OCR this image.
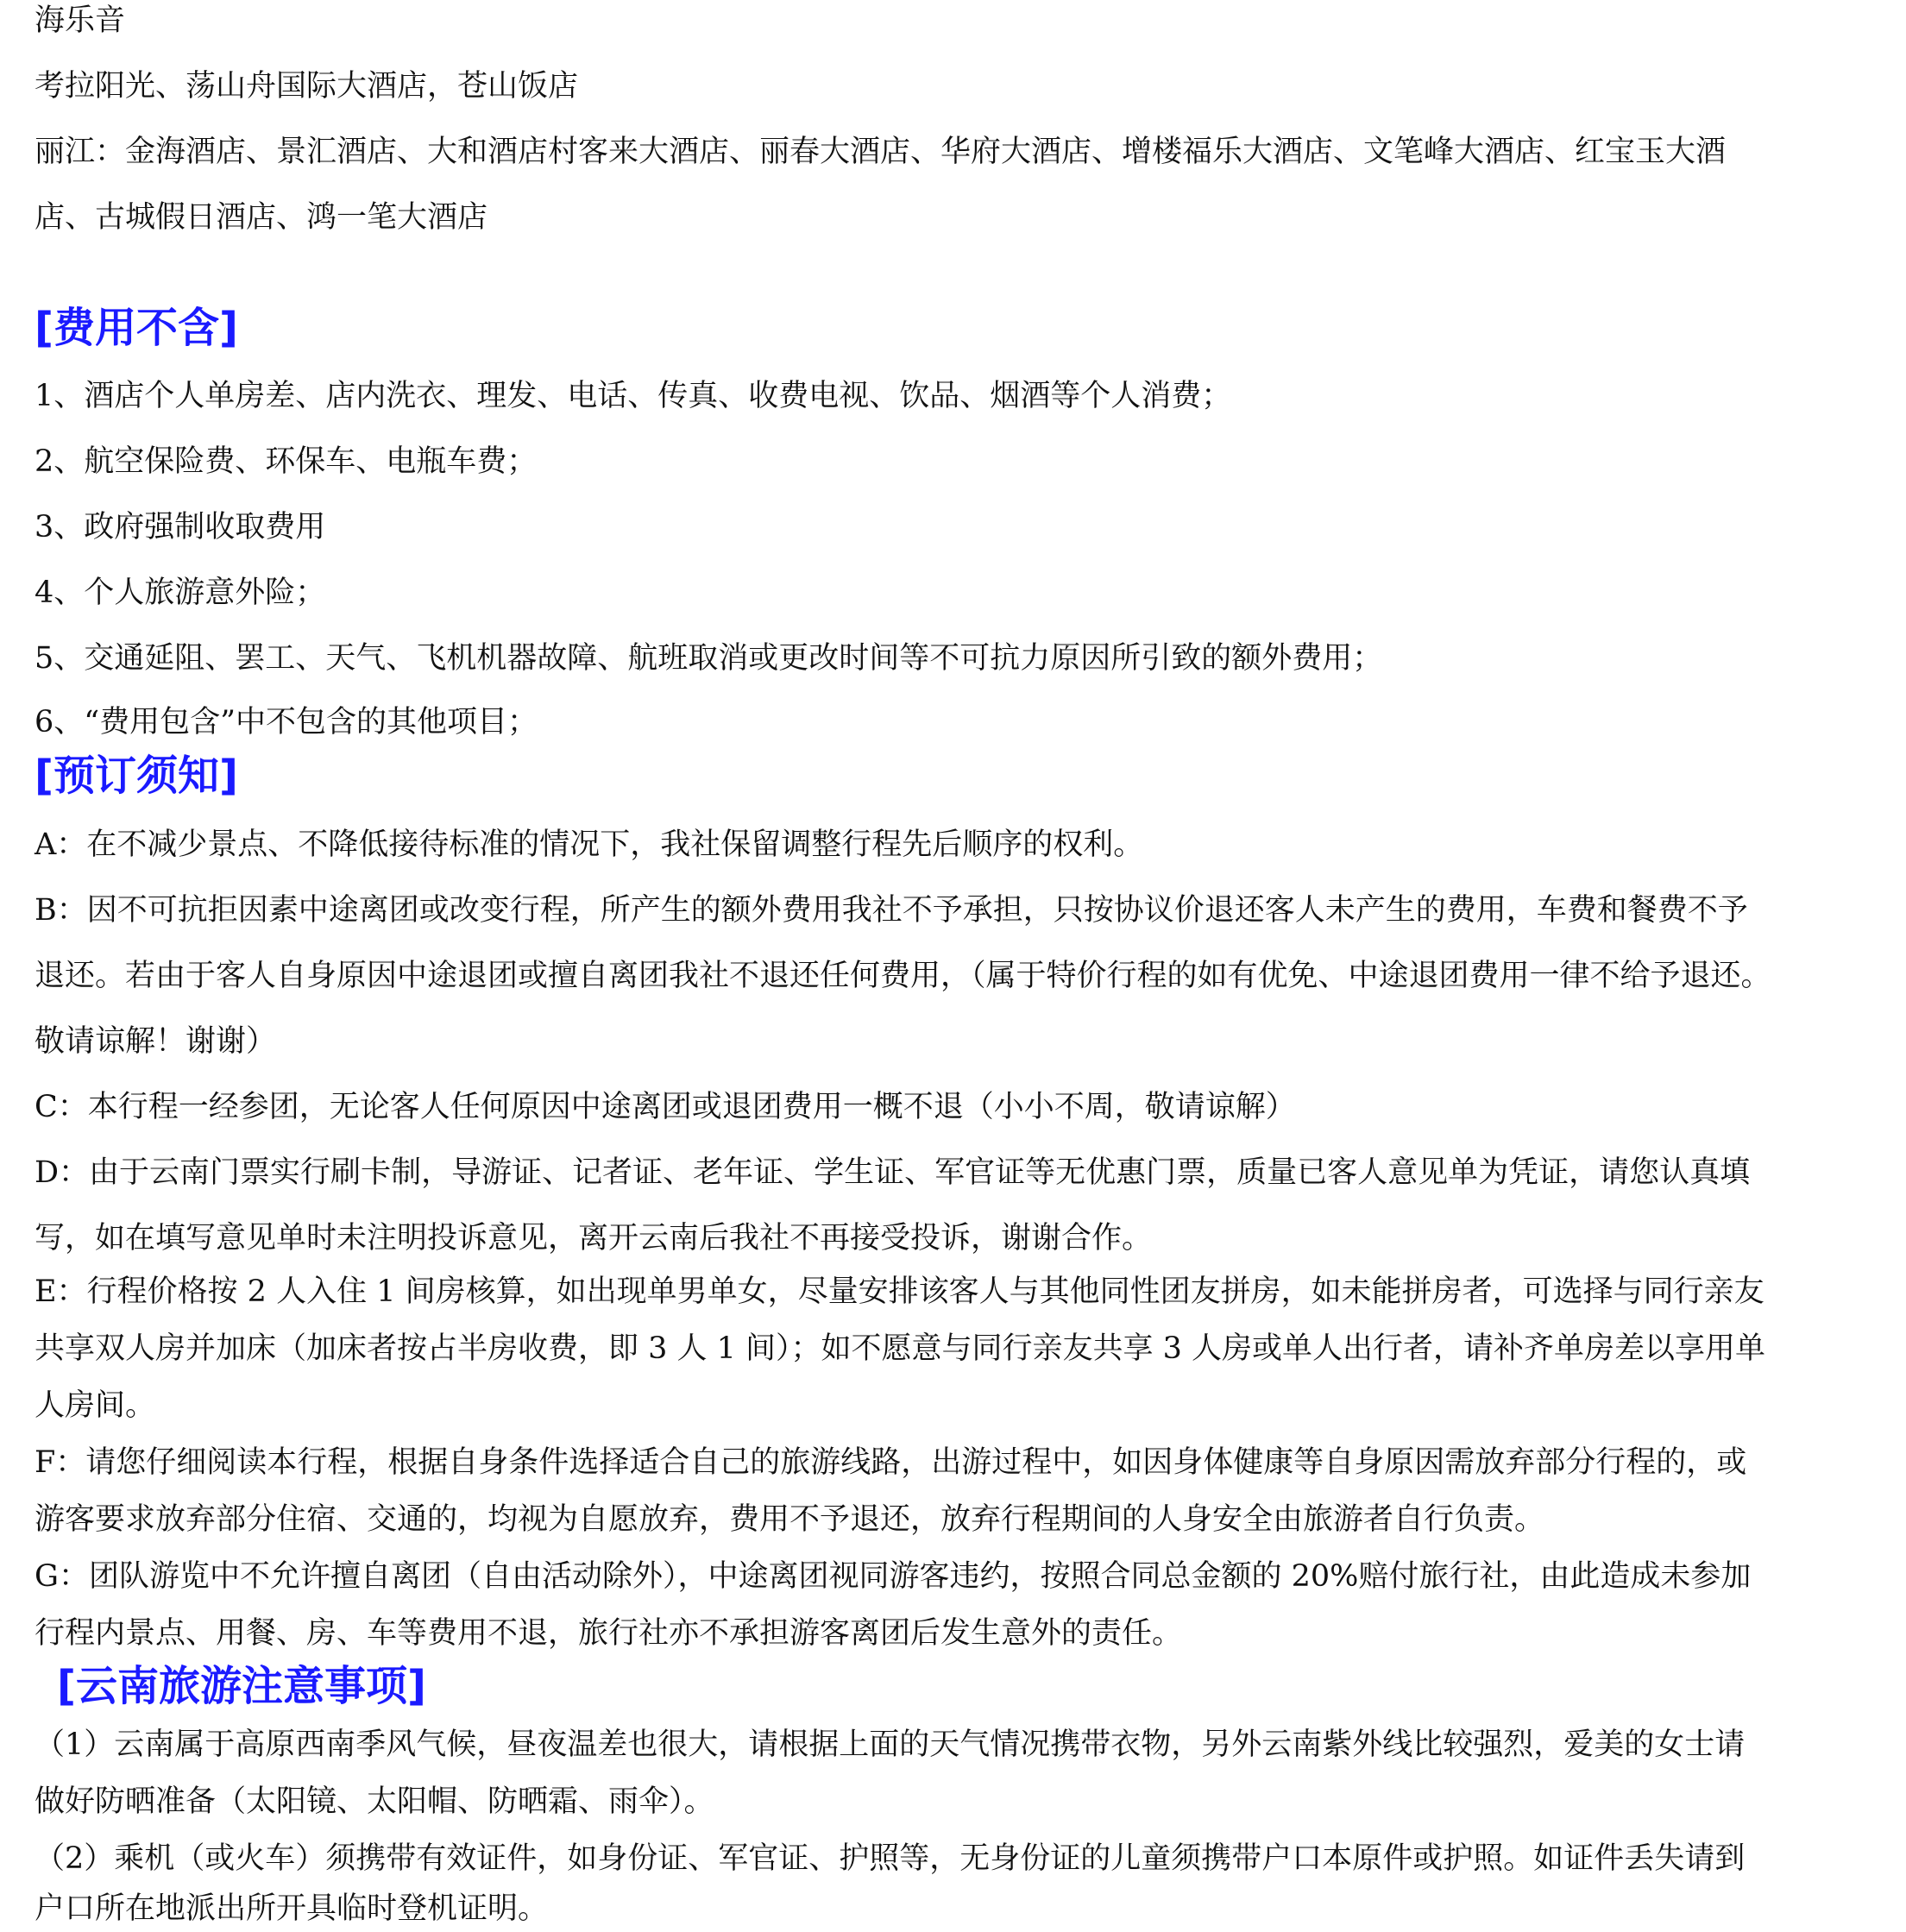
海乐音
考拉阳光、荡山舟国际大酒店，苍山饭店
丽江：金海酒店、景汇酒店、大和酒店村客来大酒店、丽春大酒店、华府大酒店、增楼福乐大酒店、文笔峰大酒店、红宝玉大酒
店、古城假日酒店、鸿一笔大酒店
[费用不含]
1、酒店个人单房差、店内洗衣、理发、电话、传真、收费电视、饮品、烟酒等个人消费；
2、航空保险费、环保车、电瓶车费；
3、政府强制收取费用
4、个人旅游意外险；
5、交通延阻、罢工、天气、飞机机器故障、航班取消或更改时间等不可抗力原因所引致的额外费用；
6、“费用包含”中不包含的其他项目；
[预订须知]
A：在不减少景点、不降低接待标准的情况下，我社保留调整行程先后顺序的权利。
B：因不可抗拒因素中途离团或改变行程，所产生的额外费用我社不予承担，只按协议价退还客人未产生的费用，车费和餐费不予
退还。若由于客人自身原因中途退团或擅自离团我社不退还任何费用，（属于特价行程的如有优免、中途退团费用一律不给予退还。
敬请谅解！谢谢）
C：本行程一经参团，无论客人任何原因中途离团或退团费用一概不退（小小不周，敬请谅解）
D：由于云南门票实行刷卡制，导游证、记者证、老年证、学生证、军官证等无优惠门票，质量已客人意见单为凭证，请您认真填
写，如在填写意见单时未注明投诉意见，离开云南后我社不再接受投诉，谢谢合作。
E：行程价格按 2 人入住 1 间房核算，如出现单男单女，尽量安排该客人与其他同性团友拼房，如未能拼房者，可选择与同行亲友
共享双人房并加床（加床者按占半房收费，即 3 人 1 间）；如不愿意与同行亲友共享 3 人房或单人出行者，请补齐单房差以享用单
人房间。
F：请您仔细阅读本行程，根据自身条件选择适合自己的旅游线路，出游过程中，如因身体健康等自身原因需放弃部分行程的，或
游客要求放弃部分住宿、交通的，均视为自愿放弃，费用不予退还，放弃行程期间的人身安全由旅游者自行负责。
G：团队游览中不允许擅自离团（自由活动除外），中途离团视同游客违约，按照合同总金额的 20%赔付旅行社，由此造成未参加
行程内景点、用餐、房、车等费用不退，旅行社亦不承担游客离团后发生意外的责任。
[云南旅游注意事项]
（1）云南属于高原西南季风气候，昼夜温差也很大，请根据上面的天气情况携带衣物，另外云南紫外线比较强烈，爱美的女士请
做好防晒准备（太阳镜、太阳帽、防晒霜、雨伞）。
（2）乘机（或火车）须携带有效证件，如身份证、军官证、护照等，无身份证的儿童须携带户口本原件或护照。如证件丢失请到
户口所在地派出所开具临时登机证明。
